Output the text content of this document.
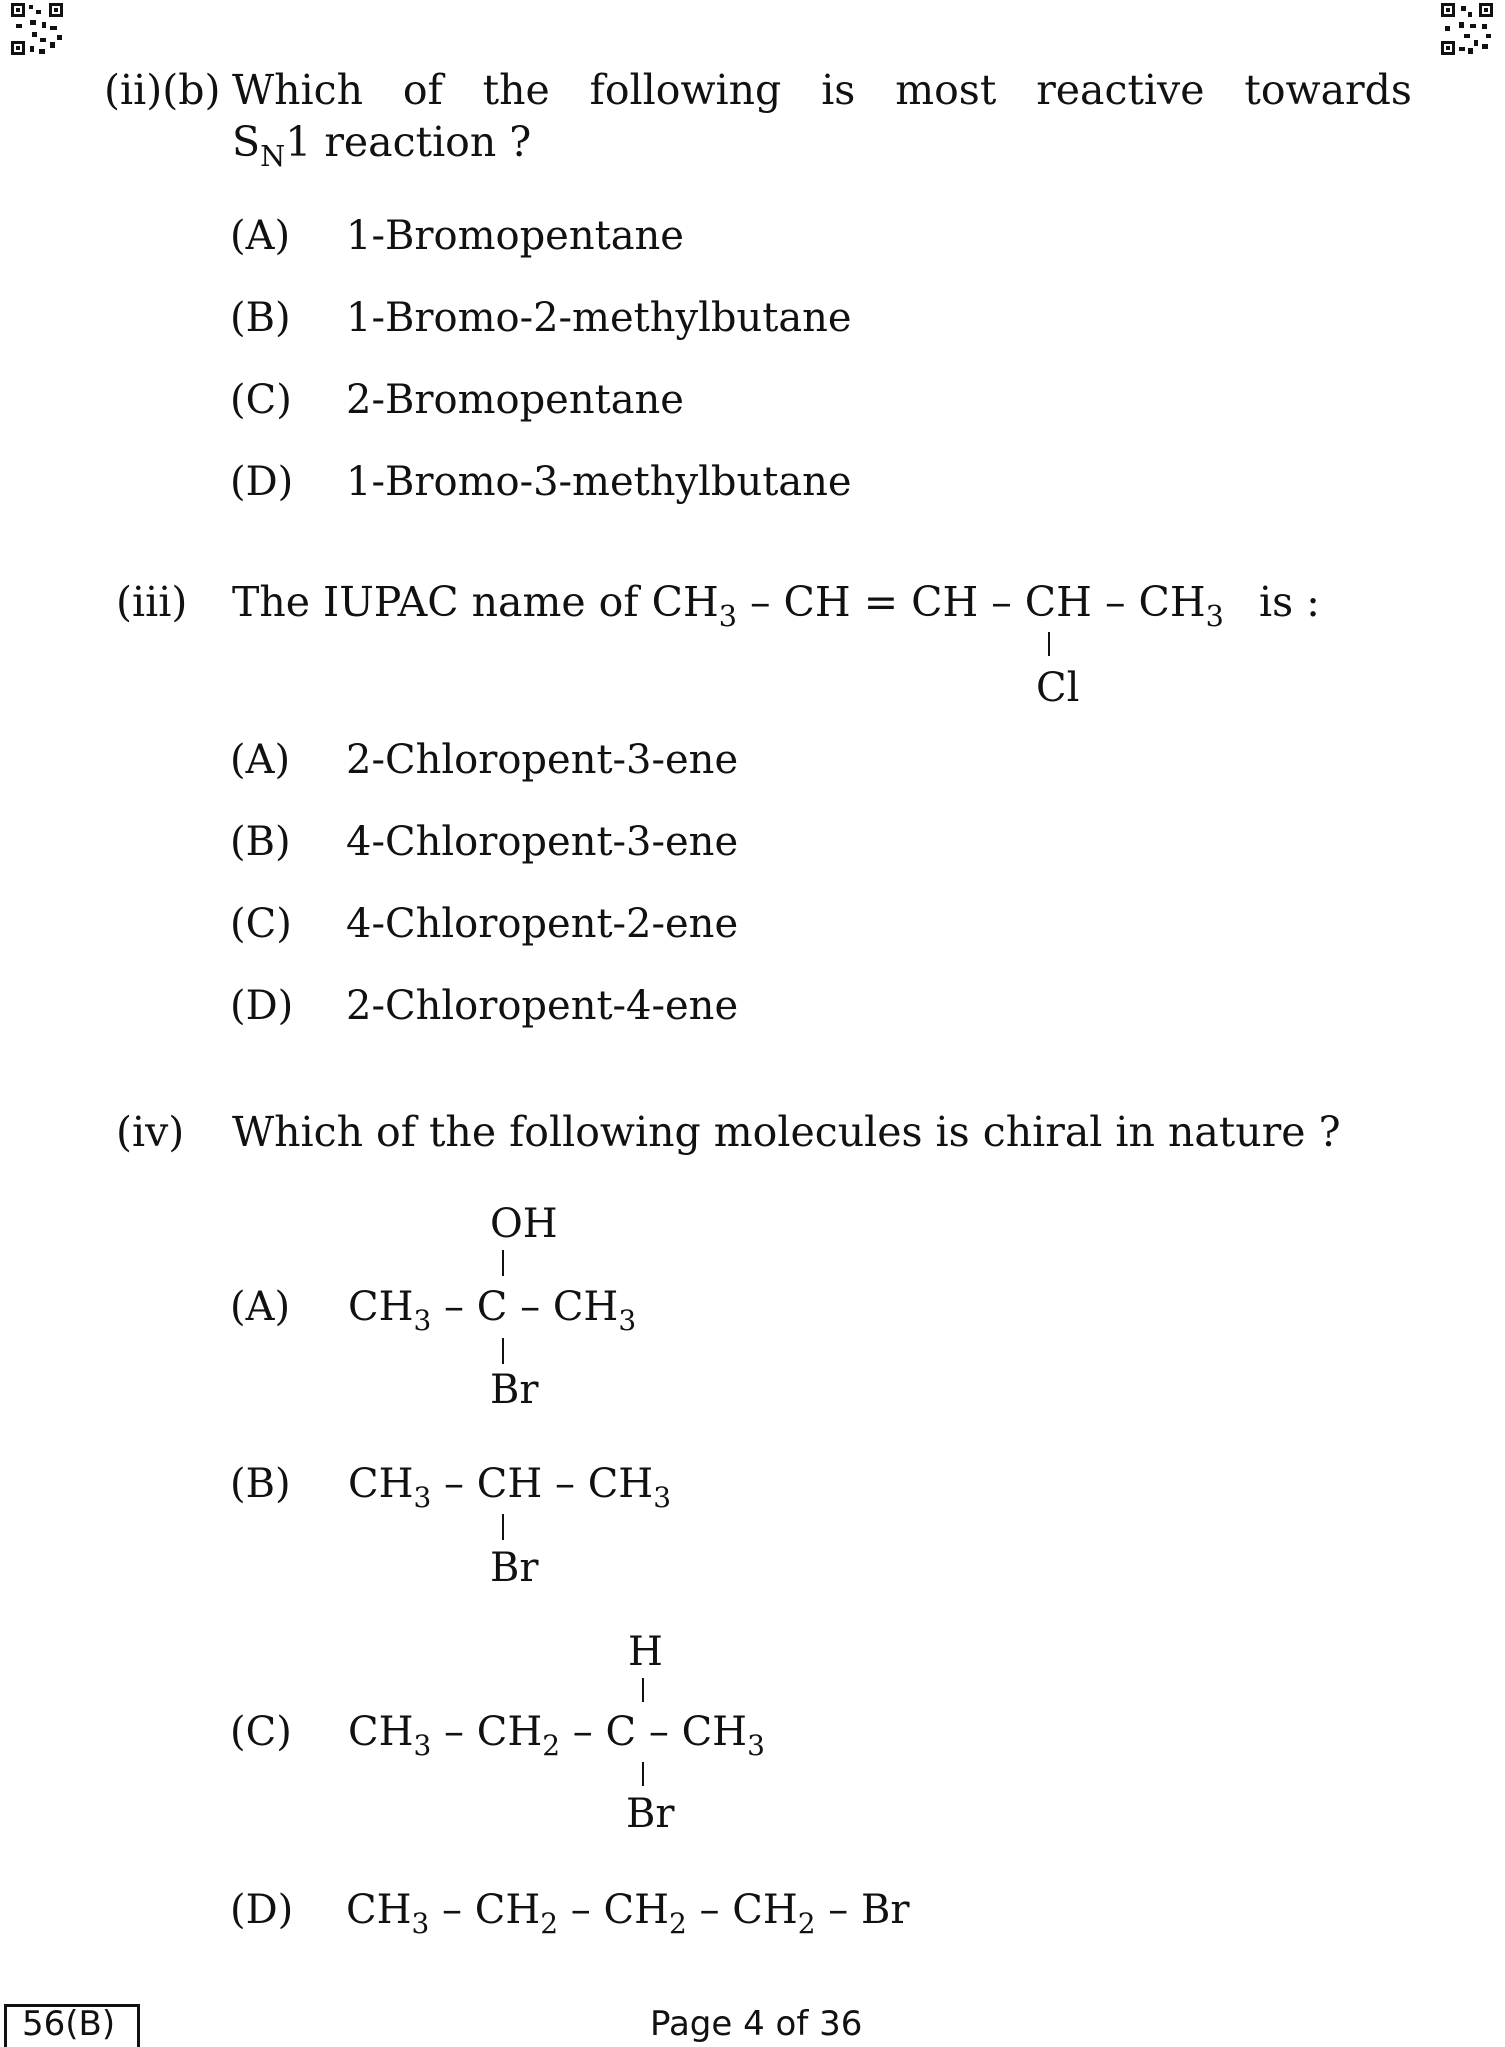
(ii)(b) Which of the following is most reactive towards
$S_N1$ reaction ?
(A) 1-Bromopentane
(B) 1-Bromo-2-methylbutane
(C) 2-Bromopentane
(D) 1-Bromo-3-methylbutane
(iii) The IUPAC name of $CH_3$ – CH = CH – CH – $CH_3$ is :
Cl
(A) 2-Chloropent-3-ene
(B) 4-Chloropent-3-ene
(C) 4-Chloropent-2-ene
(D) 2-Chloropent-4-ene
(iv) Which of the following molecules is chiral in nature ?
(A)
OH
$CH_3$ – C – $CH_3$
Br
(B) $CH_3$ – CH – $CH_3$
Br
(C)
H
$CH_3 - CH_2$ – C – $CH_3$
Br
(D) $CH_3 - CH_2 - CH_2 - CH_2$ – Br
56(B)	Page 4 of 36
